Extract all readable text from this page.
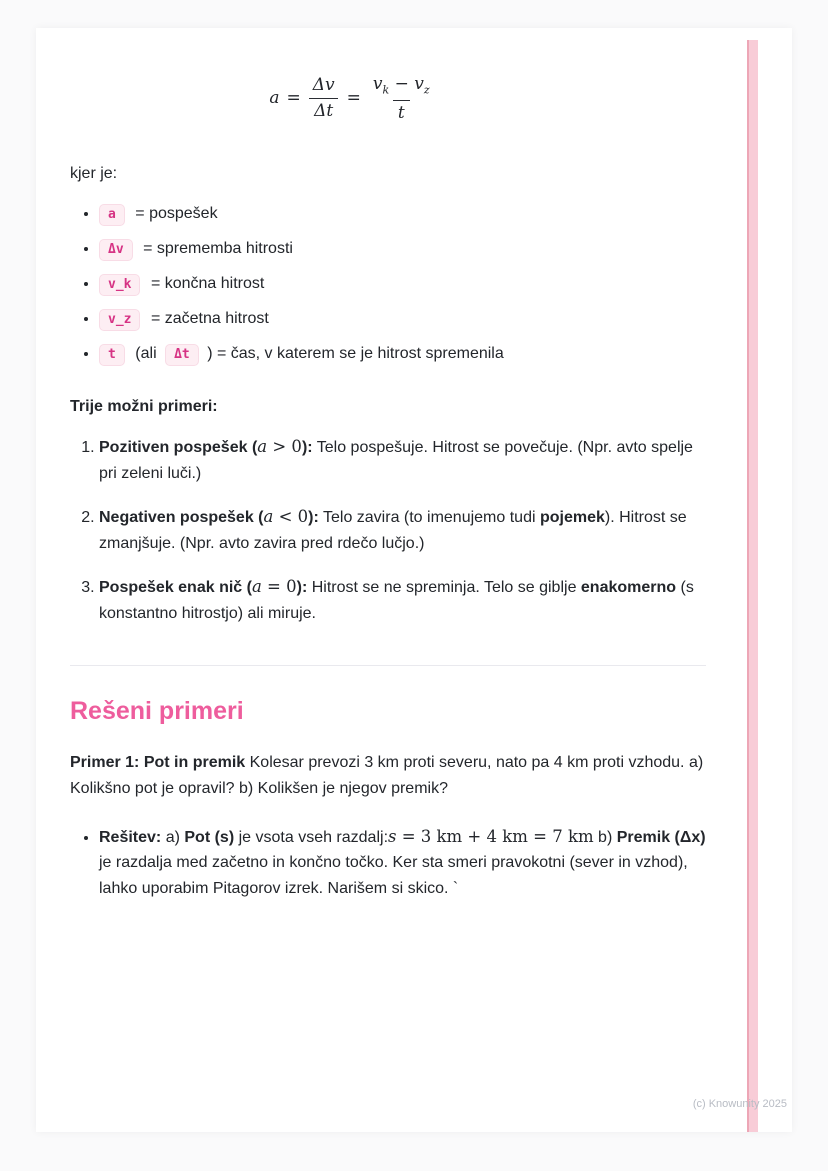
$a = \frac{\Delta v}{\Delta t} = \frac{v_k - v_z}{t}$

kjer je:

• a = pospešek
• Δv = sprememba hitrosti
• v_k = končna hitrost
• v_z = začetna hitrost
• t (ali Δt ) = čas, v katerem se je hitrost spremenila

Trije možni primeri:

1. Pozitiven pospešek (a > 0): Telo pospešuje. Hitrost se povečuje. (Npr. avto spelje pri zeleni luči.)
2. Negativen pospešek (a < 0): Telo zavira (to imenujemo tudi pojemek). Hitrost se zmanjšuje. (Npr. avto zavira pred rdečo lučjo.)
3. Pospešek enak nič (a = 0): Hitrost se ne spreminja. Telo se giblje enakomerno (s konstantno hitrostjo) ali miruje.
Rešeni primeri

Primer 1: Pot in premik Kolesar prevozi 3 km proti severu, nato pa 4 km proti vzhodu. a) Kolikšno pot je opravil? b) Kolikšen je njegov premik?

• Rešitev: a) Pot (s) je vsota vseh razdalj:s = 3 km + 4 km = 7 km b) Premik (Δx) je razdalja med začetno in končno točko. Ker sta smeri pravokotni (sever in vzhod), lahko uporabim Pitagorov izrek. Narišem si skico. `
(c) Knowunity 2025
